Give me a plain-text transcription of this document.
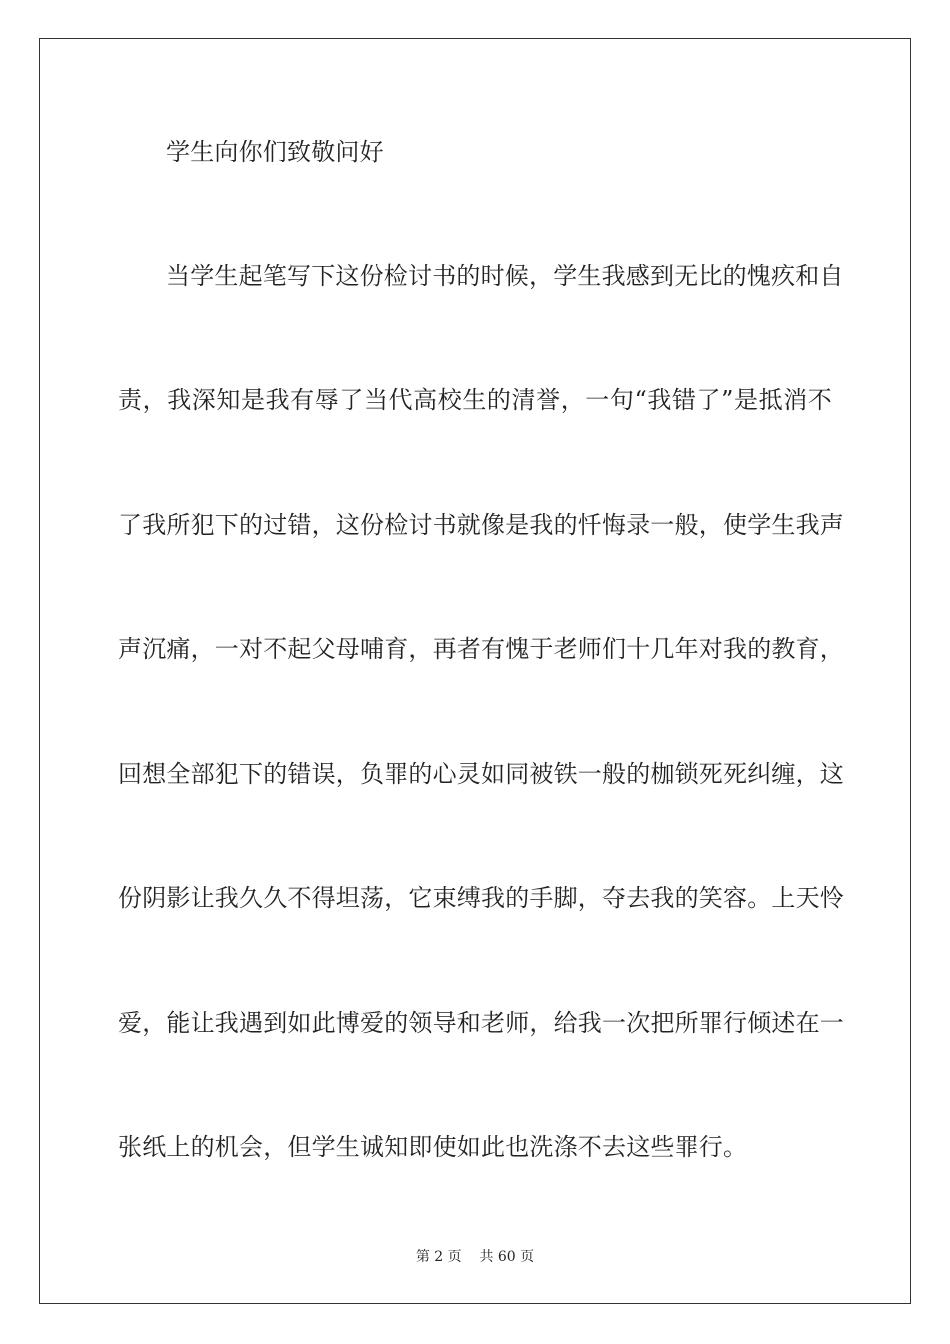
学生向你们致敬问好
当学生起笔写下这份检讨书的时候，学生我感到无比的愧疚和自
责，我深知是我有辱了当代高校生的清誉，一句“我错了”是抵消不
了我所犯下的过错，这份检讨书就像是我的忏悔录一般，使学生我声
声沉痛，一对不起父母哺育，再者有愧于老师们十几年对我的教育，
回想全部犯下的错误，负罪的心灵如同被铁一般的枷锁死死纠缠，这
份阴影让我久久不得坦荡，它束缚我的手脚，夺去我的笑容。上天怜
爱，能让我遇到如此博爱的领导和老师，给我一次把所罪行倾述在一
张纸上的机会，但学生诚知即使如此也洗涤不去这些罪行。
第 2 页 共 60 页
